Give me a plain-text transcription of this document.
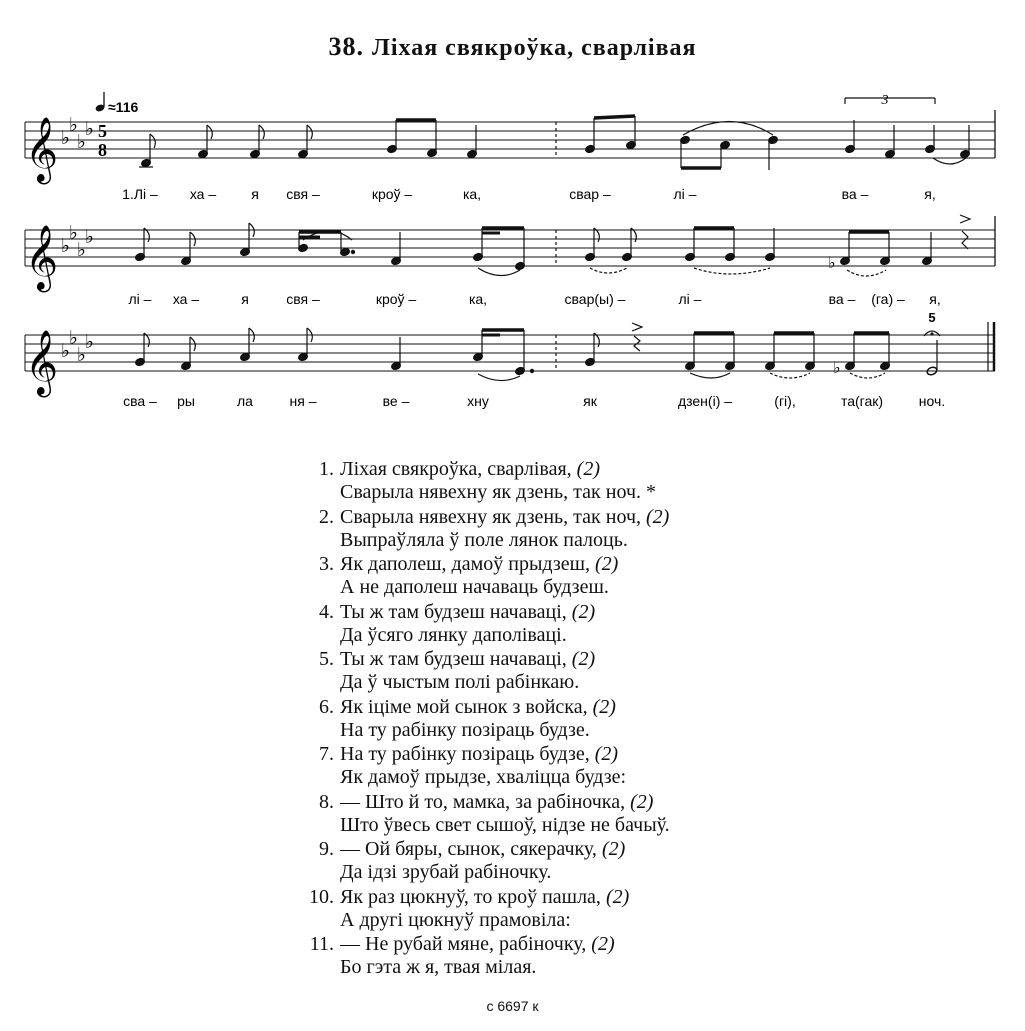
38. Ліхая свякроўка, сварлівая
≈116
𝄞 ♭
♭
♭
♭ 5
8
3
1.Лі – ха –	я свя –	кроў –	ка,	свар –	лі –	ва –	я,
𝄞 ♭
♭
♭
♭
♭
лі – ха –	я	свя –	кроў –	ка,	свар(ы) –	лі –	ва – (га) – я,
𝄞 ♭
♭
♭
♭
♭
5
сва – ры	ла	ня –	ве –	хну	як	дзен(і) –	(гі),	та(гак)	ноч.
1. Ліхая свякроўка, сварлівая, (2)
Сварыла нявехну як дзень, так ноч. *
2. Сварыла нявехну як дзень, так ноч, (2)
Выпраўляла ў поле лянок палоць.
3. Як даполеш, дамоў прыдзеш, (2)
А не даполеш начаваць будзеш.
4. Ты ж там будзеш начаваці, (2)
Да ўсяго лянку даполіваці.
5. Ты ж там будзеш начаваці, (2)
Да ў чыстым полі рабінкаю.
6. Як іціме мой сынок з войска, (2)
На ту рабінку позіраць будзе.
7. На ту рабінку позіраць будзе, (2)
Як дамоў прыдзе, хваліцца будзе:
8. — Што й то, мамка, за рабіночка, (2)
Што ўвесь свет сышоў, нідзе не бачыў.
9. — Ой бяры, сынок, сякерачку, (2)
Да ідзі зрубай рабіночку.
10. Як раз цюкнуў, то кроў пашла, (2)
А другі цюкнуў прамовіла:
11. — Не рубай мяне, рабіночку, (2)
Бо гэта ж я, твая мілая.
с 6697 к
